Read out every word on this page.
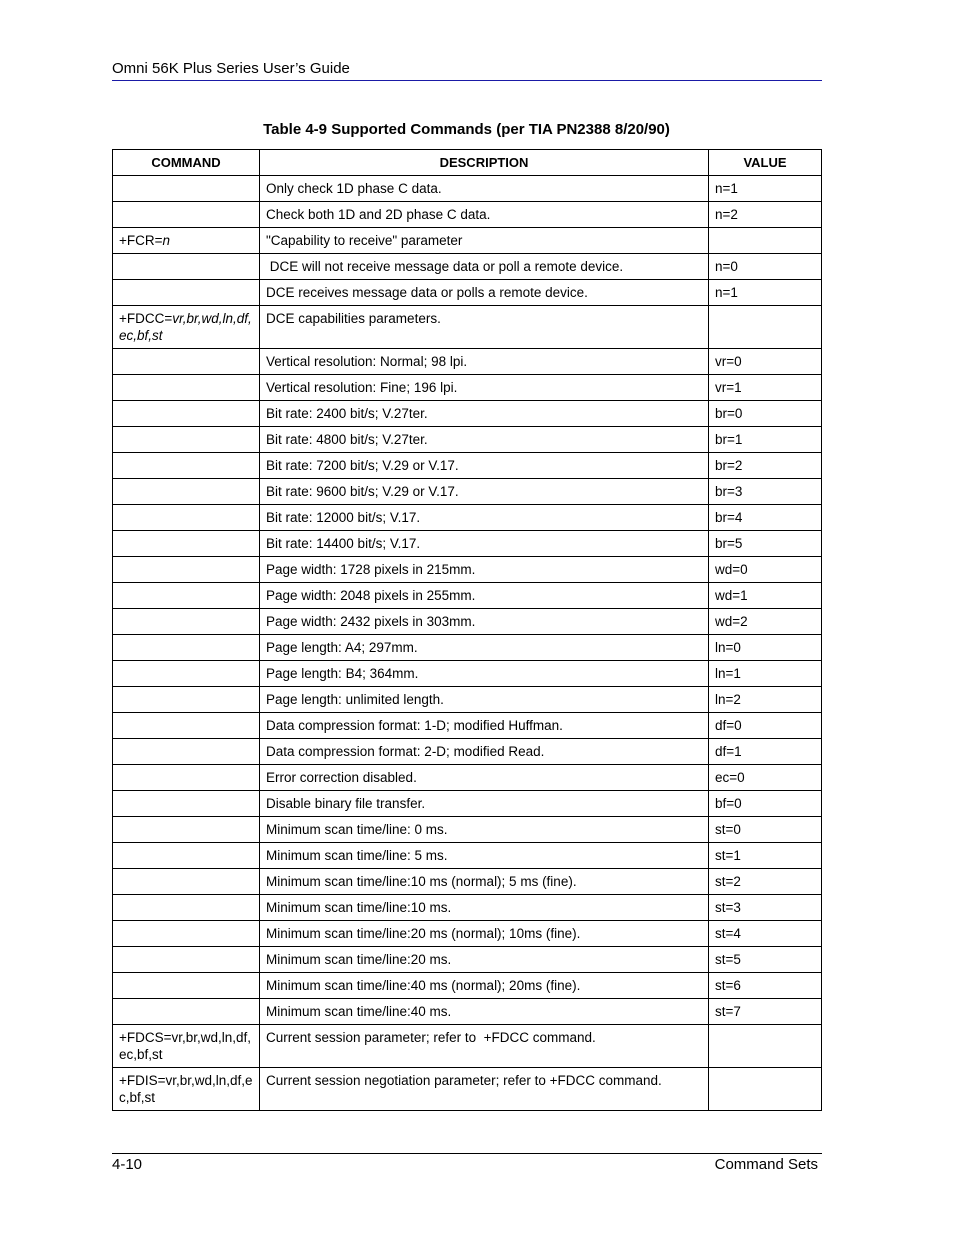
Omni 56K Plus Series User’s Guide
Table 4-9 Supported Commands (per TIA PN2388 8/20/90)
COMMAND	DESCRIPTION	VALUE
	Only check 1D phase C data.	n=1
	Check both 1D and 2D phase C data.	n=2
+FCR=n	"Capability to receive" parameter	
	DCE will not receive message data or poll a remote device.	n=0
	DCE receives message data or polls a remote device.	n=1
+FDCC=vr,br,wd,ln,df,ec,bf,st	DCE capabilities parameters.	
	Vertical resolution: Normal; 98 lpi.	vr=0
	Vertical resolution: Fine; 196 lpi.	vr=1
	Bit rate: 2400 bit/s; V.27ter.	br=0
	Bit rate: 4800 bit/s; V.27ter.	br=1
	Bit rate: 7200 bit/s; V.29 or V.17.	br=2
	Bit rate: 9600 bit/s; V.29 or V.17.	br=3
	Bit rate: 12000 bit/s; V.17.	br=4
	Bit rate: 14400 bit/s; V.17.	br=5
	Page width: 1728 pixels in 215mm.	wd=0
	Page width: 2048 pixels in 255mm.	wd=1
	Page width: 2432 pixels in 303mm.	wd=2
	Page length: A4; 297mm.	ln=0
	Page length: B4; 364mm.	ln=1
	Page length: unlimited length.	ln=2
	Data compression format: 1-D; modified Huffman.	df=0
	Data compression format: 2-D; modified Read.	df=1
	Error correction disabled.	ec=0
	Disable binary file transfer.	bf=0
	Minimum scan time/line: 0 ms.	st=0
	Minimum scan time/line: 5 ms.	st=1
	Minimum scan time/line:10 ms (normal); 5 ms (fine).	st=2
	Minimum scan time/line:10 ms.	st=3
	Minimum scan time/line:20 ms (normal); 10ms (fine).	st=4
	Minimum scan time/line:20 ms.	st=5
	Minimum scan time/line:40 ms (normal); 20ms (fine).	st=6
	Minimum scan time/line:40 ms.	st=7
+FDCS=vr,br,wd,ln,df,ec,bf,st	Current session parameter; refer to  +FDCC command.	
+FDIS=vr,br,wd,ln,df,ec,bf,st	Current session negotiation parameter; refer to +FDCC command.	
4-10	Command Sets
